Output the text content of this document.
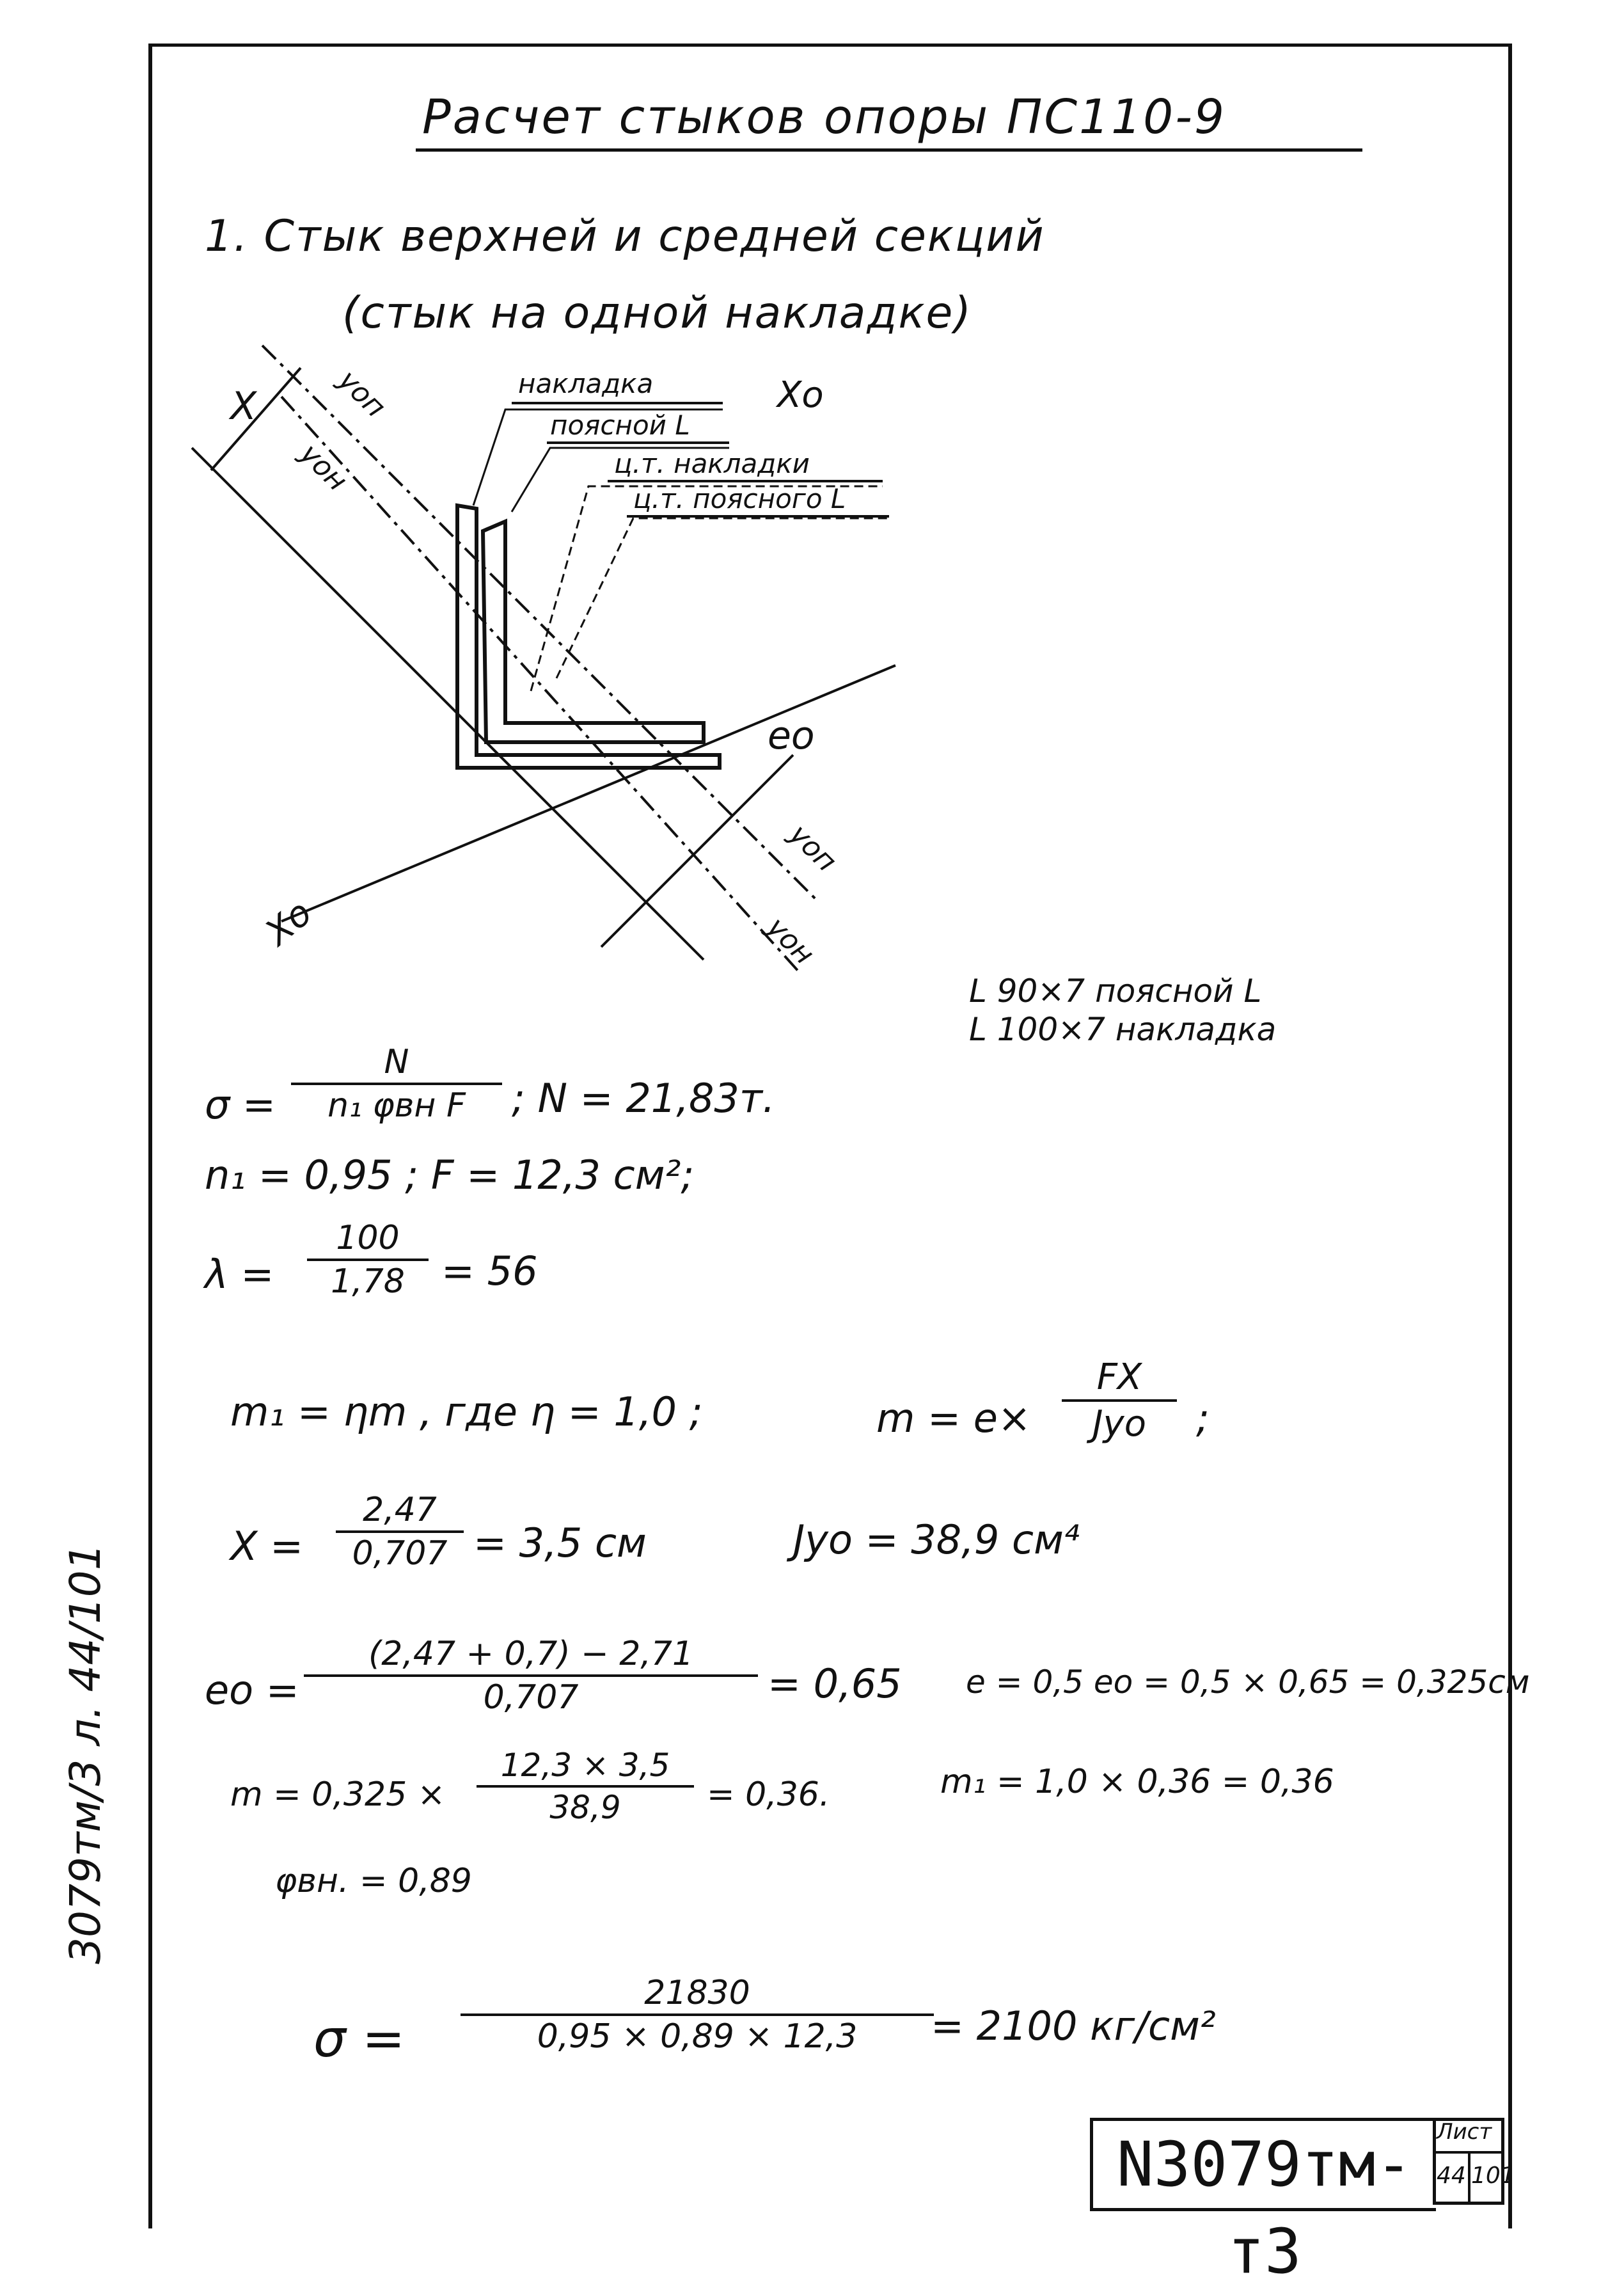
Расчет стыков опоры ПС110-9
1. Стык верхней и средней секций
(стык на одной накладке)
накладка
поясной L
ц.т. накладки
ц.т. поясного L
X	yоп
yон
Xo
Xo
eo
yоп
yон
L 90×7 поясной L
L 100×7 накладка
σ =
N
n₁ φвн F	; N = 21,83т.
n₁ = 0,95 ; F = 12,3 см²;
λ =
100
1,78 = 56
m₁ = ηm , где η = 1,0 ;	m = e×
FX
Jyo	;
X =
2,47
0,707 = 3,5 см	Jyo = 38,9 см⁴
eo =
(2,47 + 0,7) − 2,71
0,707	= 0,65 e = 0,5 eo = 0,5 × 0,65 = 0,325см
m = 0,325 ×
12,3 × 3,5
38,9	= 0,36.	m₁ = 1,0 × 0,36 = 0,36
φвн. = 0,89
σ =
21830
0,95 × 0,89 × 12,3	= 2100 кг/см²
N3079тм-т3
Лист
44 101
3079тм/3 л. 44/101
